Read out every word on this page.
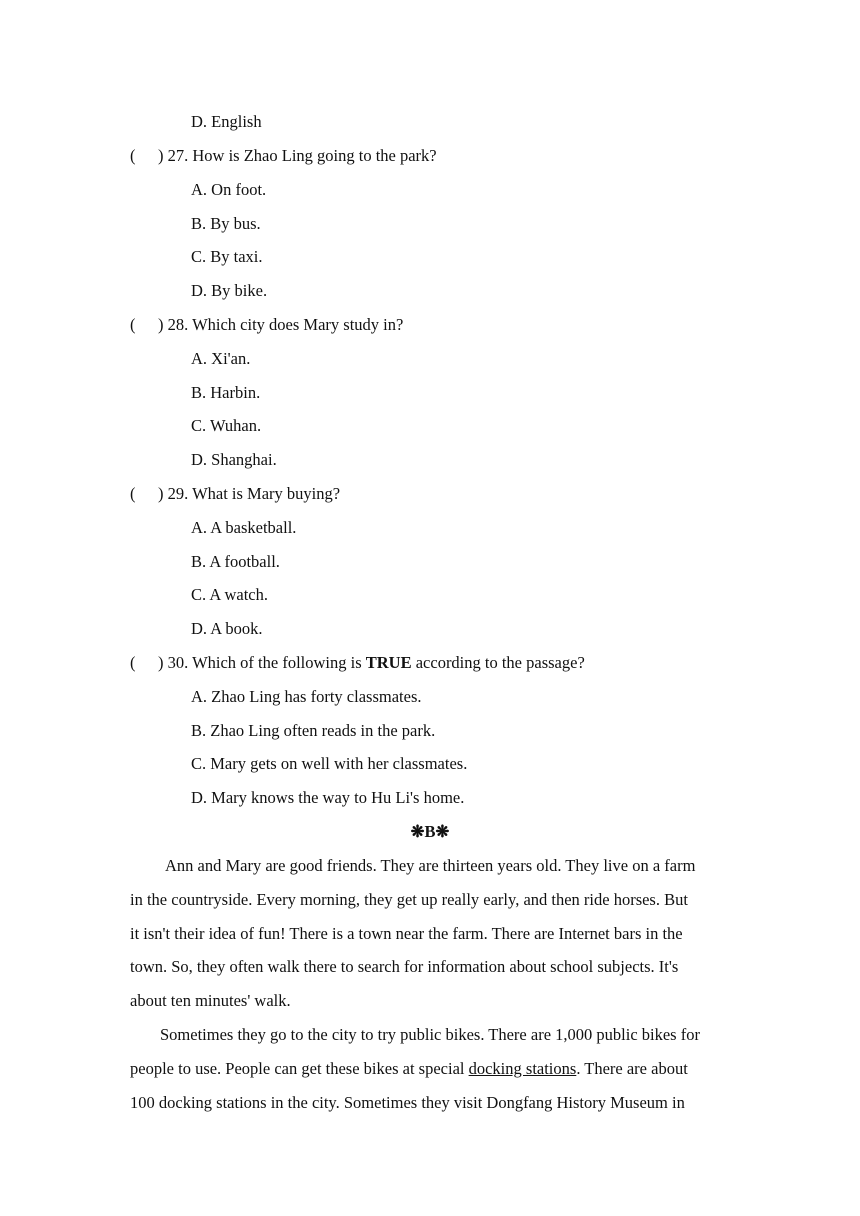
D. English
( ) 27. How is Zhao Ling going to the park?
A. On foot.
B. By bus.
C. By taxi.
D. By bike.
( ) 28. Which city does Mary study in?
A. Xi'an.
B. Harbin.
C. Wuhan.
D. Shanghai.
( ) 29. What is Mary buying?
A. A basketball.
B. A football.
C. A watch.
D. A book.
( ) 30. Which of the following is TRUE according to the passage?
A. Zhao Ling has forty classmates.
B. Zhao Ling often reads in the park.
C. Mary gets on well with her classmates.
D. Mary knows the way to Hu Li's home.
❋B❋
Ann and Mary are good friends. They are thirteen years old. They live on a farm
in the countryside. Every morning, they get up really early, and then ride horses. But
it isn't their idea of fun! There is a town near the farm. There are Internet bars in the
town. So, they often walk there to search for information about school subjects. It's
about ten minutes' walk.
Sometimes they go to the city to try public bikes. There are 1,000 public bikes for
people to use. People can get these bikes at special docking stations. There are about
100 docking stations in the city. Sometimes they visit Dongfang History Museum in
